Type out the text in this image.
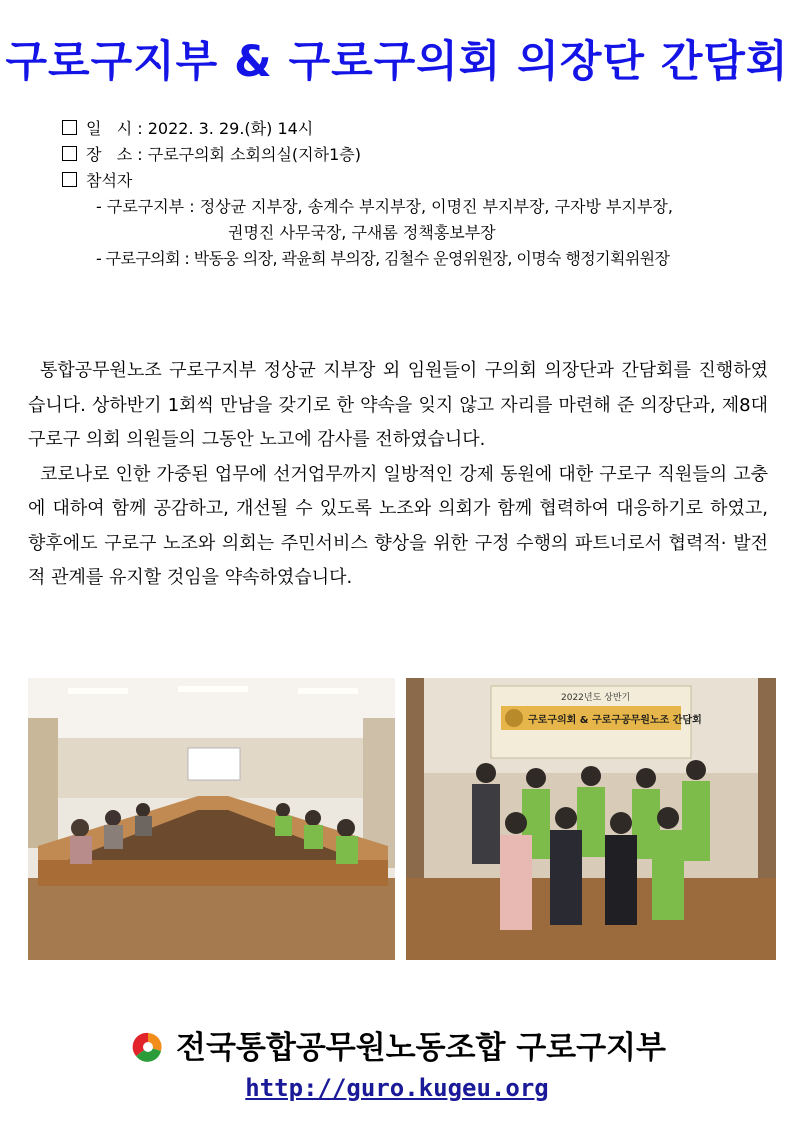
구로구지부 & 구로구의회 의장단 간담회
일   시 : 2022. 3. 29.(화) 14시
장   소 : 구로구의회 소회의실(지하1층)
참석자
- 구로구지부 : 정상균 지부장, 송계수 부지부장, 이명진 부지부장, 구자방 부지부장,
권명진 사무국장, 구새롬 정책홍보부장
- 구로구의회 : 박동웅 의장, 곽윤희 부의장, 김철수 운영위원장, 이명숙 행정기획위원장

통합공무원노조 구로구지부 정상균 지부장 외 임원들이 구의회 의장단과 간담회를 진행하였습니다. 상하반기 1회씩 만남을 갖기로 한 약속을 잊지 않고 자리를 마련해 준 의장단과, 제8대 구로구 의회 의원들의 그동안 노고에 감사를 전하였습니다.

코로나로 인한 가중된 업무에 선거업무까지 일방적인 강제 동원에 대한 구로구 직원들의 고충에 대하여 함께 공감하고, 개선될 수 있도록 노조와 의회가 함께 협력하여 대응하기로 하였고, 향후에도 구로구 노조와 의회는 주민서비스 향상을 위한 구정 수행의 파트너로서 협력적· 발전적 관계를 유지할 것임을 약속하였습니다.

2022년도 상반기
구로구의회 & 구로구공무원노조 간담회
전국통합공무원노동조합 구로구지부
http://guro.kugeu.org
